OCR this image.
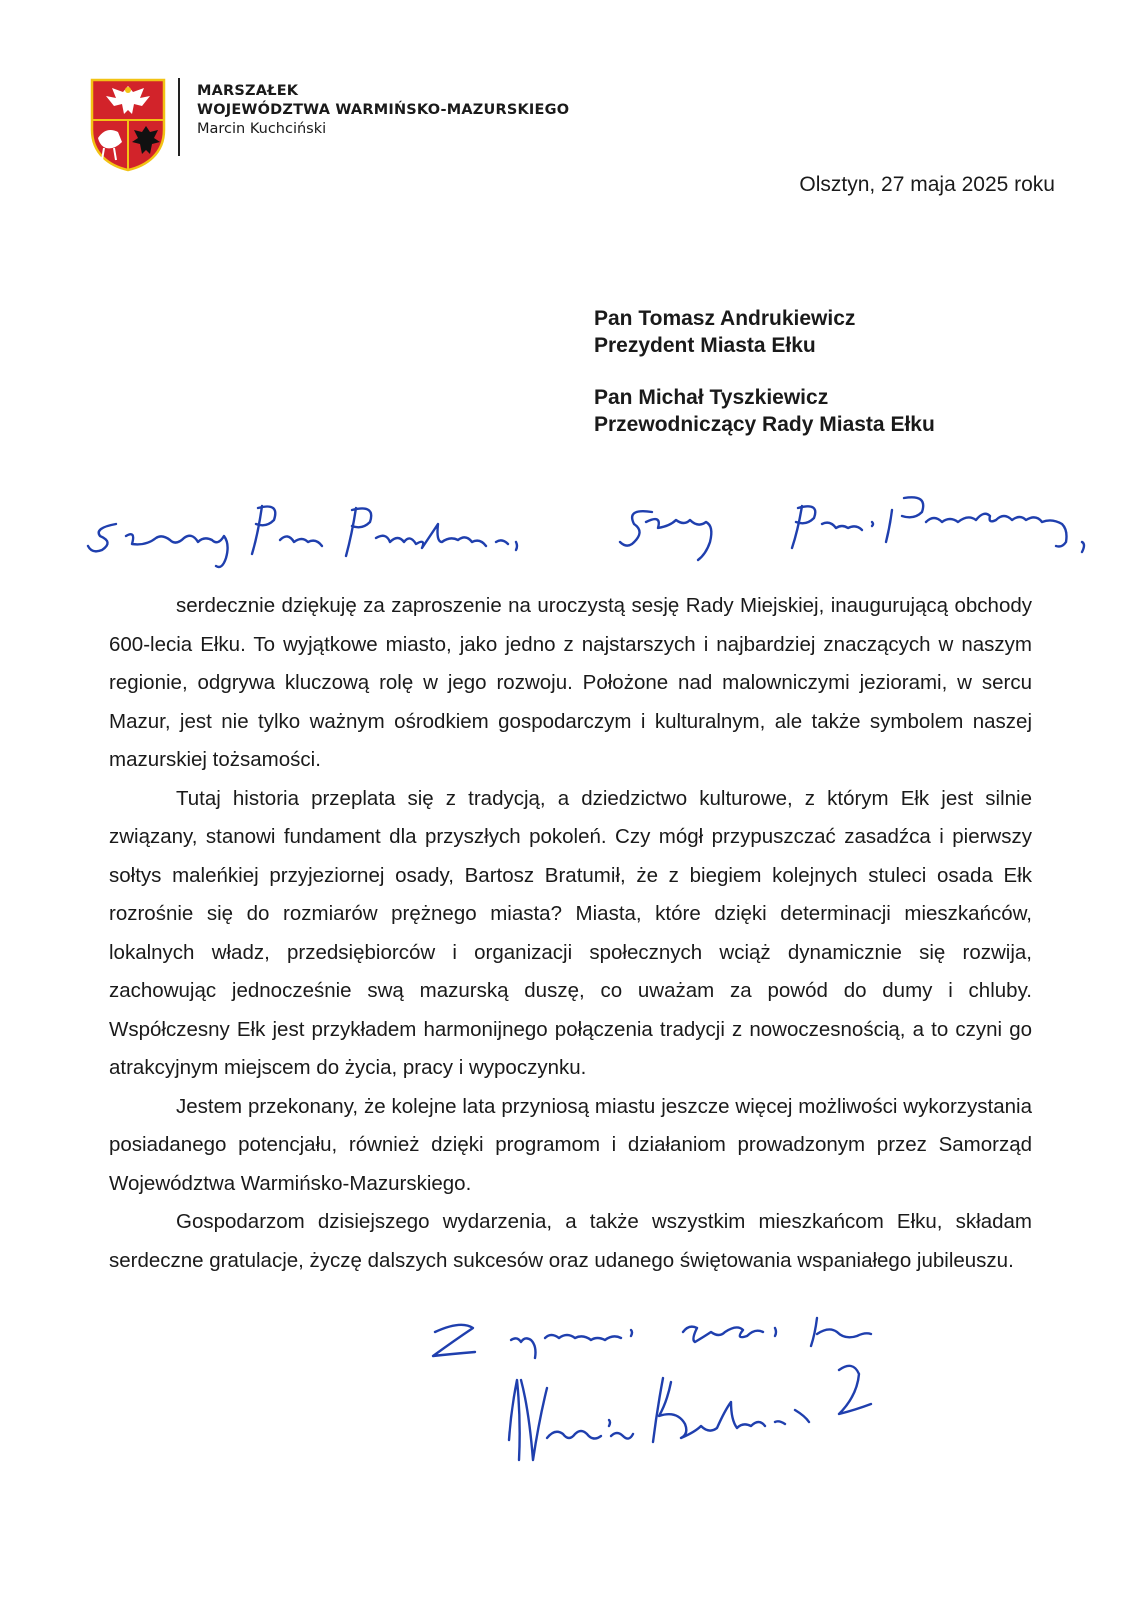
MARSZAŁEK
WOJEWÓDZTWA WARMIŃSKO-MAZURSKIEGO
Marcin Kuchciński
Olsztyn, 27 maja 2025 roku
Pan Tomasz Andrukiewicz
Prezydent Miasta Ełku
Pan Michał Tyszkiewicz
Przewodniczący Rady Miasta Ełku

serdecznie dziękuję za zaproszenie na uroczystą sesję Rady Miejskiej, inaugurującą obchody 600-lecia Ełku. To wyjątkowe miasto, jako jedno z najstarszych i najbardziej znaczących w naszym regionie, odgrywa kluczową rolę w jego rozwoju. Położone nad malowniczymi jeziorami, w sercu Mazur, jest nie tylko ważnym ośrodkiem gospodarczym i kulturalnym, ale także symbolem naszej mazurskiej tożsamości.

Tutaj historia przeplata się z tradycją, a dziedzictwo kulturowe, z którym Ełk jest silnie związany, stanowi fundament dla przyszłych pokoleń. Czy mógł przypuszczać zasadźca i pierwszy sołtys maleńkiej przyjeziornej osady, Bartosz Bratumił, że z biegiem kolejnych stuleci osada Ełk rozrośnie się do rozmiarów prężnego miasta? Miasta, które dzięki determinacji mieszkańców, lokalnych władz, przedsiębiorców i organizacji społecznych wciąż dynamicznie się rozwija, zachowując jednocześnie swą mazurską duszę, co uważam za powód do dumy i chluby. Współczesny Ełk jest przykładem harmonijnego połączenia tradycji z nowoczesnością, a to czyni go atrakcyjnym miejscem do życia, pracy i wypoczynku.

Jestem przekonany, że kolejne lata przyniosą miastu jeszcze więcej możliwości wykorzystania posiadanego potencjału, również dzięki programom i działaniom prowadzonym przez Samorząd Województwa Warmińsko-Mazurskiego.

Gospodarzom dzisiejszego wydarzenia, a także wszystkim mieszkańcom Ełku, składam serdeczne gratulacje, życzę dalszych sukcesów oraz udanego świętowania wspaniałego jubileuszu.
